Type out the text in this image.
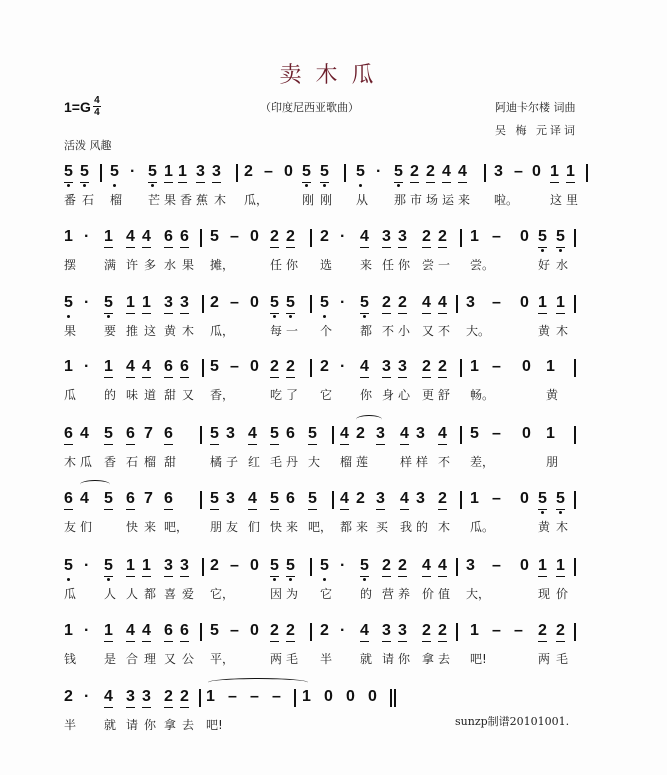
卖木瓜
$1=G \frac{4}{4}$	（印度尼西亚歌曲）	阿迪卡尔楼 词曲
吴 梅 元译词
活泼 风趣
5 5 5 · 5 1 1 3 3 2 – 0 5 5 5 · 5 2 2 4 4 3 – 0 1 1
番 石 榴 芒 果 香 蕉 木 瓜，	刚 刚 从 那 市 场 运 来 啦。	这 里
1 · 1 4 4 6 6 5 – 0 2 2 2 · 4 3 3 2 2 1 – 0 5 5
摆 满 许 多 水 果 摊，	任 你 选 来 任 你 尝 一 尝。	好 水
5 · 5 1 1 3 3 2 – 0 5 5 5 · 5 2 2 4 4 3 – 0 1 1
果 要 推 这 黄 木 瓜，	每 一 个 都 不 小 又 不 大。	黄 木
1 · 1 4 4 6 6 5 – 0 2 2 2 · 4 3 3 2 2 1 – 0 1
瓜 的 味 道 甜 又 香，	吃 了 它 你 身 心 更 舒 畅。	黄
6 4 5 6 7 6 5 3 4 5 6 5 4 2 3 4 3 4 5 – 0 1
木 瓜 香 石 榴 甜	橘 子 红 毛 丹 大 榴 莲	样 样 不 差，	朋
6 4 5 6 7 6 5 3 4 5 6 5 4 2 3 4 3 2 1 – 0 5 5
友 们	快 来 吧， 朋 友 们 快 来 吧， 都 来 买 我 的 木 瓜。	黄 木
5 · 5 1 1 3 3 2 – 0 5 5 5 · 5 2 2 4 4 3 – 0 1 1
瓜 人 人 都 喜 爱 它，	因 为 它 的 营 养 价 值 大，	现 价
1 · 1 4 4 6 6 5 – 0 2 2 2 · 4 3 3 2 2 1 – – 2 2
钱 是 合 理 又 公 平，	两 毛 半 就 请 你 拿 去 吧!	两 毛
2 · 4 3 3 2 2 1 – – – 1 0 0 0
半 就 请 你 拿 去 吧!	sunzp制谱20101001.
